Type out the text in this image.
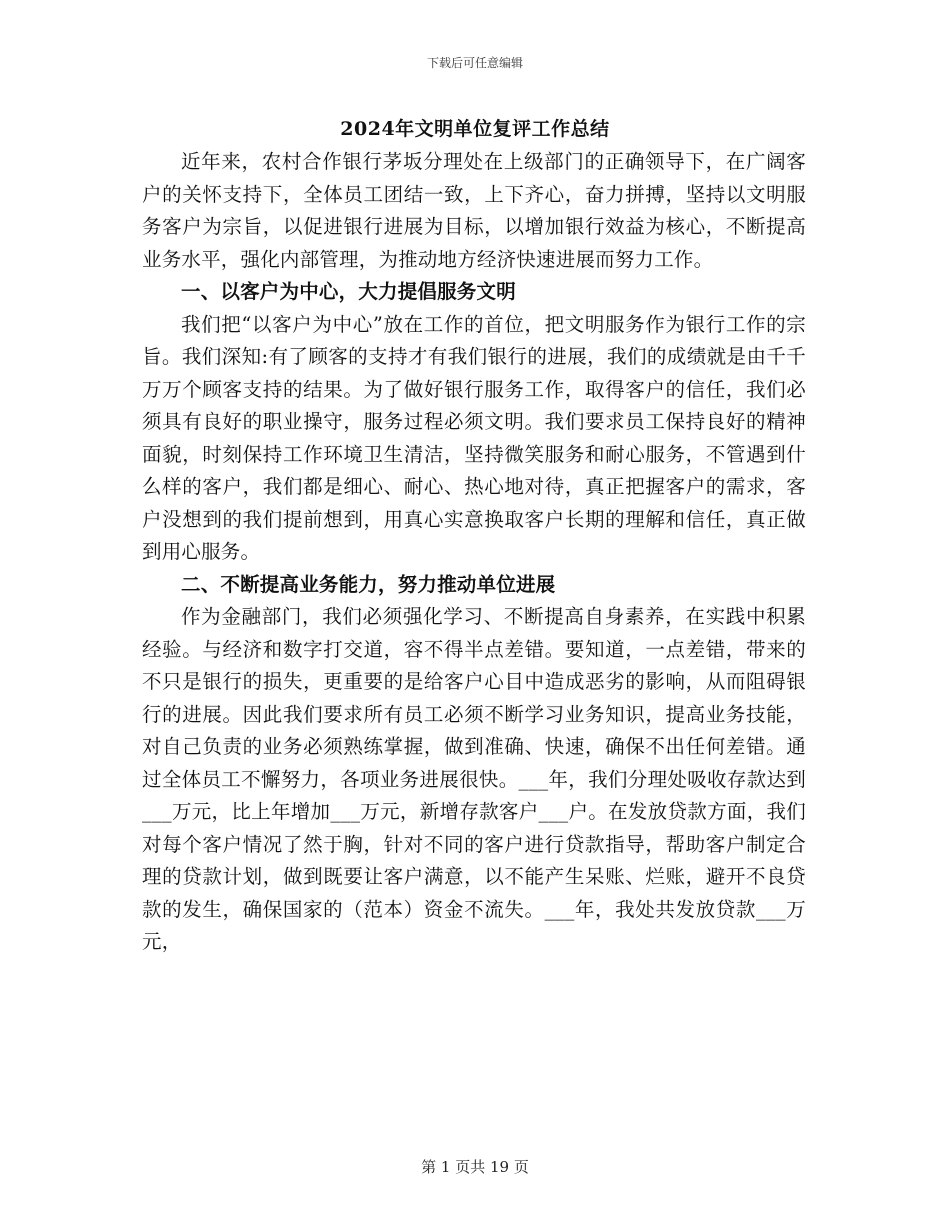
下载后可任意编辑
2024年文明单位复评工作总结

近年来，农村合作银行茅坂分理处在上级部门的正确领导下，在广阔客户的关怀支持下，全体员工团结一致，上下齐心，奋力拼搏，坚持以文明服务客户为宗旨，以促进银行进展为目标，以增加银行效益为核心，不断提高业务水平，强化内部管理，为推动地方经济快速进展而努力工作。

一、以客户为中心，大力提倡服务文明

我们把“以客户为中心”放在工作的首位，把文明服务作为银行工作的宗旨。我们深知:有了顾客的支持才有我们银行的进展，我们的成绩就是由千千万万个顾客支持的结果。为了做好银行服务工作，取得客户的信任，我们必须具有良好的职业操守，服务过程必须文明。我们要求员工保持良好的精神面貌，时刻保持工作环境卫生清洁，坚持微笑服务和耐心服务，不管遇到什么样的客户，我们都是细心、耐心、热心地对待，真正把握客户的需求，客户没想到的我们提前想到，用真心实意换取客户长期的理解和信任，真正做到用心服务。

二、不断提高业务能力，努力推动单位进展

作为金融部门，我们必须强化学习、不断提高自身素养，在实践中积累经验。与经济和数字打交道，容不得半点差错。要知道，一点差错，带来的不只是银行的损失，更重要的是给客户心目中造成恶劣的影响，从而阻碍银行的进展。因此我们要求所有员工必须不断学习业务知识，提高业务技能，对自己负责的业务必须熟练掌握，做到准确、快速，确保不出任何差错。通过全体员工不懈努力，各项业务进展很快。___年，我们分理处吸收存款达到___万元，比上年增加___万元，新增存款客户___户。在发放贷款方面，我们对每个客户情况了然于胸，针对不同的客户进行贷款指导，帮助客户制定合理的贷款计划，做到既要让客户满意，以不能产生呆账、烂账，避开不良贷款的发生，确保国家的（范本）资金不流失。___年，我处共发放贷款___万元，

第 1 页共 19 页
